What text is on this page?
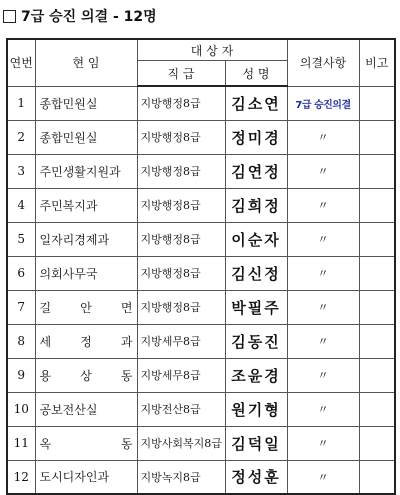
7급 승진 의결 - 12명
연번	현 임	대 상 자		의결사항	비고
		직 급	성 명		
1	종합민원실	지방행정8급	김소연	7급 승진의결	
2	종합민원실	지방행정8급	정미경	〃	
3	주민생활지원과	지방행정8급	김연정	〃	
4	주민복지과	지방행정8급	김희정	〃	
5	일자리경제과	지방행정8급	이순자	〃	
6	의회사무국	지방행정8급	김신정	〃	
7	길 안 면	지방행정8급	박필주	〃	
8	세 정 과	지방세무8급	김동진	〃	
9	용 상 동	지방세무8급	조윤경	〃	
10	공보전산실	지방전산8급	원기형	〃	
11	옥 동	지방사회복지8급	김덕일	〃	
12	도시디자인과	지방녹지8급	정성훈	〃	
